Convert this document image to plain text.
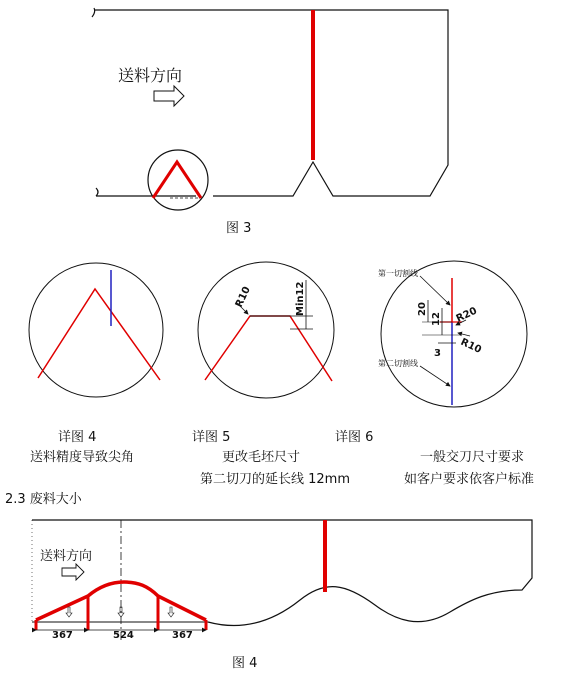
送料方向
图 3
详图 4
送料精度导致尖角
R10	Min12
详图 5
更改毛坯尺寸
第二切刀的延长线 12mm
第一切割线
第二切割线
20
12
3
R20
R10
详图 6
一般交刀尺寸要求
如客户要求依客户标准
2.3 废料大小
367	524	367
送料方向
图 4
